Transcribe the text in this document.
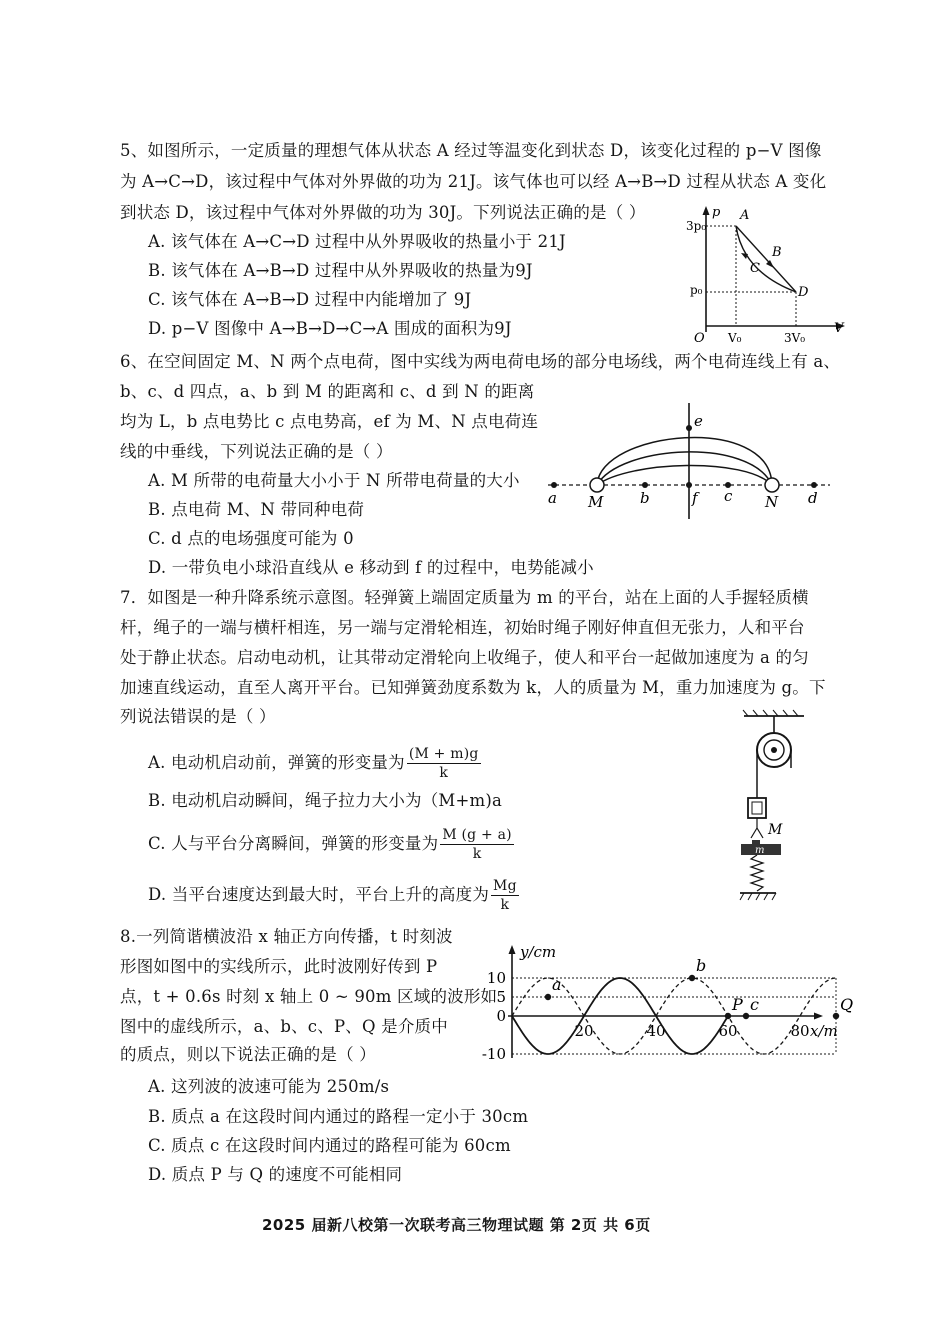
5、如图所示，一定质量的理想气体从状态 A 经过等温变化到状态 D，该变化过程的 p−V 图像
为 A→C→D，该过程中气体对外界做的功为 21J。该气体也可以经 A→B→D 过程从状态 A 变化
到状态 D，该过程中气体对外界做的功为 30J。下列说法正确的是（ ）
A. 该气体在 A→C→D 过程中从外界吸收的热量小于 21J
B. 该气体在 A→B→D 过程中从外界吸收的热量为9J
C. 该气体在 A→B→D 过程中内能增加了 9J
D. p−V 图像中 A→B→D→C→A 围成的面积为9J
p
V
O
3p₀
p₀
V₀	3V₀
A
B
C
D
6、在空间固定 M、N 两个点电荷，图中实线为两电荷电场的部分电场线，两个电荷连线上有 a、
b、c、d 四点，a、b 到 M 的距离和 c、d 到 N 的距离
均为 L，b 点电势比 c 点电势高，ef 为 M、N 点电荷连
线的中垂线，下列说法正确的是（ ）
A. M 所带的电荷量大小小于 N 所带电荷量的大小
B. 点电荷 M、N 带同种电荷
C. d 点的电场强度可能为 0
D. 一带负电小球沿直线从 e 移动到 f 的过程中，电势能减小
a M b	f c N d
e
7．如图是一种升降系统示意图。轻弹簧上端固定质量为 m 的平台，站在上面的人手握轻质横
杆，绳子的一端与横杆相连，另一端与定滑轮相连，初始时绳子刚好伸直但无张力，人和平台
处于静止状态。启动电动机，让其带动定滑轮向上收绳子，使人和平台一起做加速度为 a 的匀
加速直线运动，直至人离开平台。已知弹簧劲度系数为 k，人的质量为 M，重力加速度为 g。下
列说法错误的是（ ）
A. 电动机启动前，弹簧的形变量为 $\frac{(M + m)g}{k}$
B. 电动机启动瞬间，绳子拉力大小为（M+m)a
C. 人与平台分离瞬间，弹簧的形变量为 $\frac{M (g + a)}{k}$
D. 当平台速度达到最大时，平台上升的高度为 $\frac{Mg}{k}$
M
m
8.一列简谐横波沿 x 轴正方向传播，t 时刻波
形图如图中的实线所示，此时波刚好传到 P
点，t + 0.6s 时刻 x 轴上 0 ~ 90m 区域的波形如
图中的虚线所示，a、b、c、P、Q 是介质中
的质点，则以下说法正确的是（ ）
A. 这列波的波速可能为 250m/s
B. 质点 a 在这段时间内通过的路程一定小于 30cm
C. 质点 c 在这段时间内通过的路程可能为 60cm
D. 质点 P 与 Q 的速度不可能相同
y/cm
x/m
10
5
0
-10
20	40	60	80
a
b
P c	Q
2025 届新八校第一次联考高三物理试题 第 2页 共 6页
